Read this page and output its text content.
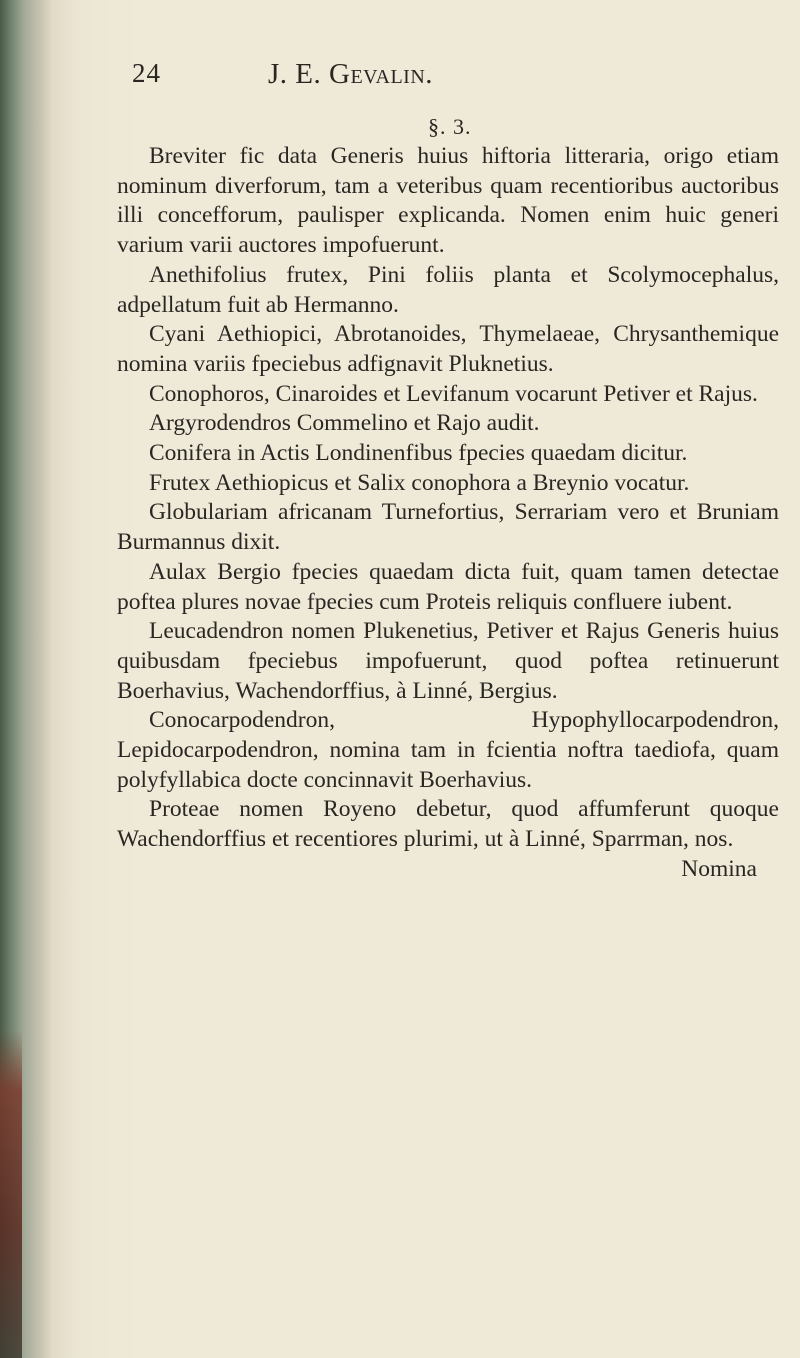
24	J. E. Gevalin.
§. 3.

Breviter fic data Generis huius hiftoria litteraria, origo etiam nominum diverforum, tam a veteribus quam recentioribus auctoribus illi concefforum, paulisper explicanda. Nomen enim huic generi varium varii auctores impofuerunt.

Anethifolius frutex, Pini foliis planta et Scolymocephalus, adpellatum fuit ab Hermanno.

Cyani Aethiopici, Abrotanoides, Thymelaeae, Chrysanthemique nomina variis fpeciebus adfignavit Pluknetius.

Conophoros, Cinaroides et Levifanum vocarunt Petiver et Rajus.

Argyrodendros Commelino et Rajo audit.

Conifera in Actis Londinenfibus fpecies quaedam dicitur.

Frutex Aethiopicus et Salix conophora a Breynio vocatur.

Globulariam africanam Turnefortius, Serrariam vero et Bruniam Burmannus dixit.

Aulax Bergio fpecies quaedam dicta fuit, quam tamen detectae poftea plures novae fpecies cum Proteis reliquis confluere iubent.

Leucadendron nomen Plukenetius, Petiver et Rajus Generis huius quibusdam fpeciebus impofuerunt, quod poftea retinuerunt Boerhavius, Wachendorffius, à Linné, Bergius.

Conocarpodendron, Hypophyllocarpodendron, Lepidocarpodendron, nomina tam in fcientia noftra taediofa, quam polyfyllabica docte concinnavit Boerhavius.

Proteae nomen Royeno debetur, quod affumferunt quoque Wachendorffius et recentiores plurimi, ut à Linné, Sparrman, nos.

Nomina
